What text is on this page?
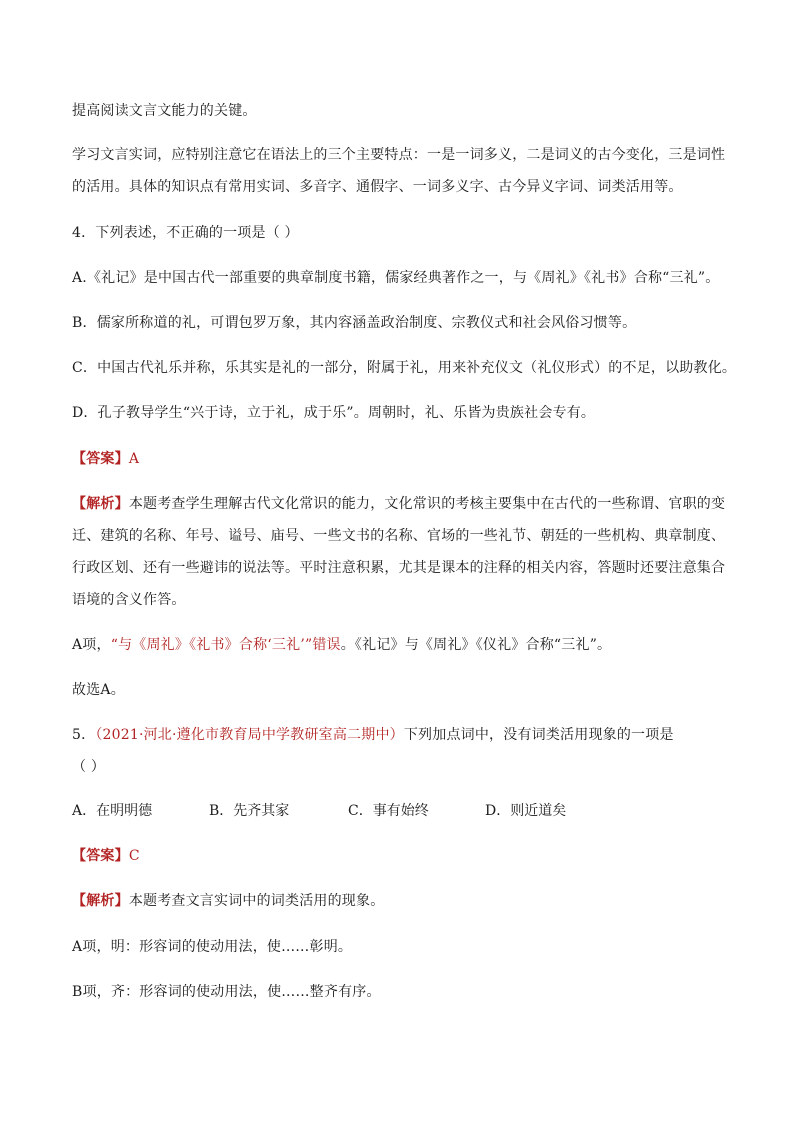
提高阅读文言文能力的关键。
学习文言实词，应特别注意它在语法上的三个主要特点：一是一词多义，二是词义的古今变化，三是词性
的活用。具体的知识点有常用实词、多音字、通假字、一词多义字、古今异义字词、词类活用等。
4．下列表述，不正确的一项是（ ）
A.《礼记》是中国古代一部重要的典章制度书籍，儒家经典著作之一，与《周礼》《礼书》合称“三礼”。
B．儒家所称道的礼，可谓包罗万象，其内容涵盖政治制度、宗教仪式和社会风俗习惯等。
C．中国古代礼乐并称，乐其实是礼的一部分，附属于礼，用来补充仪文（礼仪形式）的不足，以助教化。
D．孔子教导学生“兴于诗，立于礼，成于乐”。周朝时，礼、乐皆为贵族社会专有。
【答案】A
【解析】本题考查学生理解古代文化常识的能力，文化常识的考核主要集中在古代的一些称谓、官职的变
迁、建筑的名称、年号、谥号、庙号、一些文书的名称、官场的一些礼节、朝廷的一些机构、典章制度、
行政区划、还有一些避讳的说法等。平时注意积累，尤其是课本的注释的相关内容，答题时还要注意集合
语境的含义作答。
A项，“与《周礼》《礼书》合称‘三礼’”错误。《礼记》与《周礼》《仪礼》合称“三礼”。
故选A。
5．（2021·河北·遵化市教育局中学教研室高二期中）下列加点词中，没有词类活用现象的一项是
（ ）
A．在明明德	B．先齐其家	C．事有始终	D．则近道矣
【答案】C
【解析】本题考查文言实词中的词类活用的现象。
A项，明：形容词的使动用法，使……彰明。
B项，齐：形容词的使动用法，使……整齐有序。
